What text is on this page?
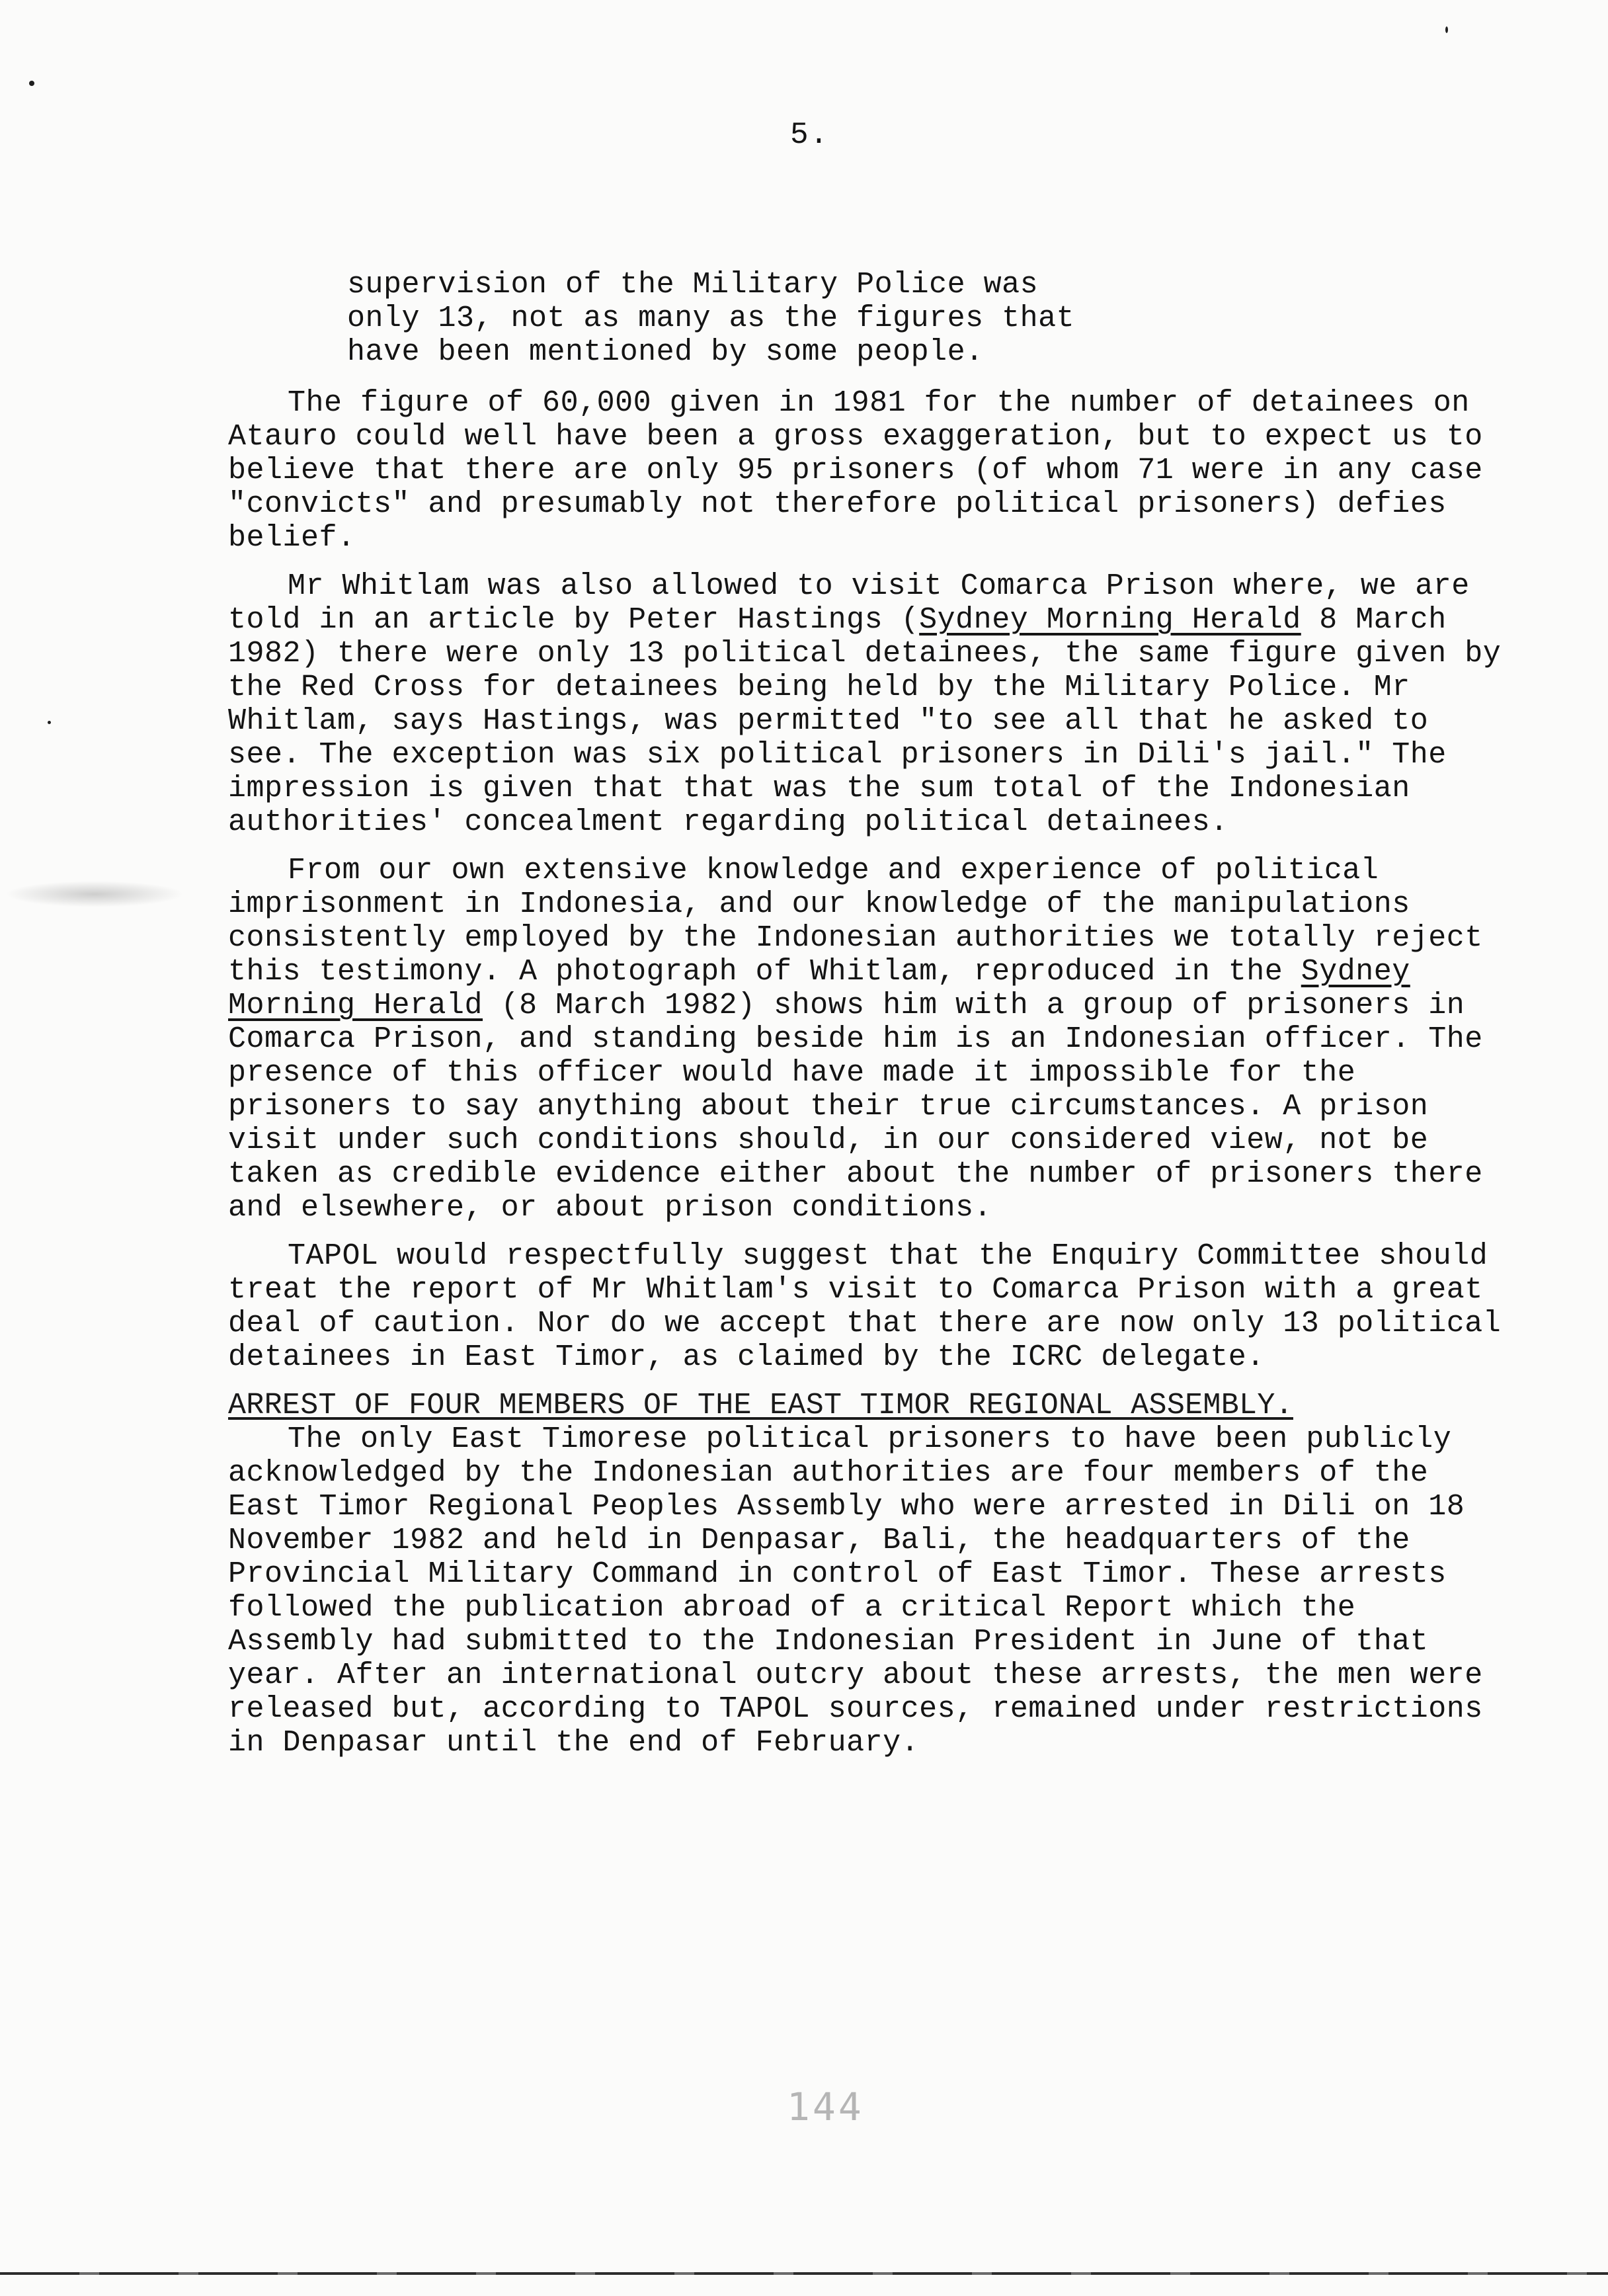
5.
supervision of the Military Police was
only 13, not as many as the figures that
have been mentioned by some people.

The figure of 60,000 given in 1981 for the number of detainees on Atauro could well have been a gross exaggeration, but to expect us to believe that there are only 95 prisoners (of whom 71 were in any case "convicts" and presumably not therefore political prisoners) defies belief.

Mr Whitlam was also allowed to visit Comarca Prison where, we are told in an article by Peter Hastings (Sydney Morning Herald 8 March 1982) there were only 13 political detainees, the same figure given by the Red Cross for detainees being held by the Military Police. Mr Whitlam, says Hastings, was permitted "to see all that he asked to see. The exception was six political prisoners in Dili's jail." The impression is given that that was the sum total of the Indonesian authorities' concealment regarding political detainees.

From our own extensive knowledge and experience of political imprisonment in Indonesia, and our knowledge of the manipulations consistently employed by the Indonesian authorities we totally reject this testimony. A photograph of Whitlam, reproduced in the Sydney Morning Herald (8 March 1982) shows him with a group of prisoners in Comarca Prison, and standing beside him is an Indonesian officer. The presence of this officer would have made it impossible for the prisoners to say anything about their true circumstances. A prison visit under such conditions should, in our considered view, not be taken as credible evidence either about the number of prisoners there and elsewhere, or about prison conditions.

TAPOL would respectfully suggest that the Enquiry Committee should treat the report of Mr Whitlam's visit to Comarca Prison with a great deal of caution. Nor do we accept that there are now only 13 political detainees in East Timor, as claimed by the ICRC delegate.

ARREST OF FOUR MEMBERS OF THE EAST TIMOR REGIONAL ASSEMBLY.

The only East Timorese political prisoners to have been publicly acknowledged by the Indonesian authorities are four members of the East Timor Regional Peoples Assembly who were arrested in Dili on 18 November 1982 and held in Denpasar, Bali, the headquarters of the Provincial Military Command in control of East Timor. These arrests followed the publication abroad of a critical Report which the Assembly had submitted to the Indonesian President in June of that year. After an international outcry about these arrests, the men were released but, according to TAPOL sources, remained under restrictions in Denpasar until the end of February.

144
